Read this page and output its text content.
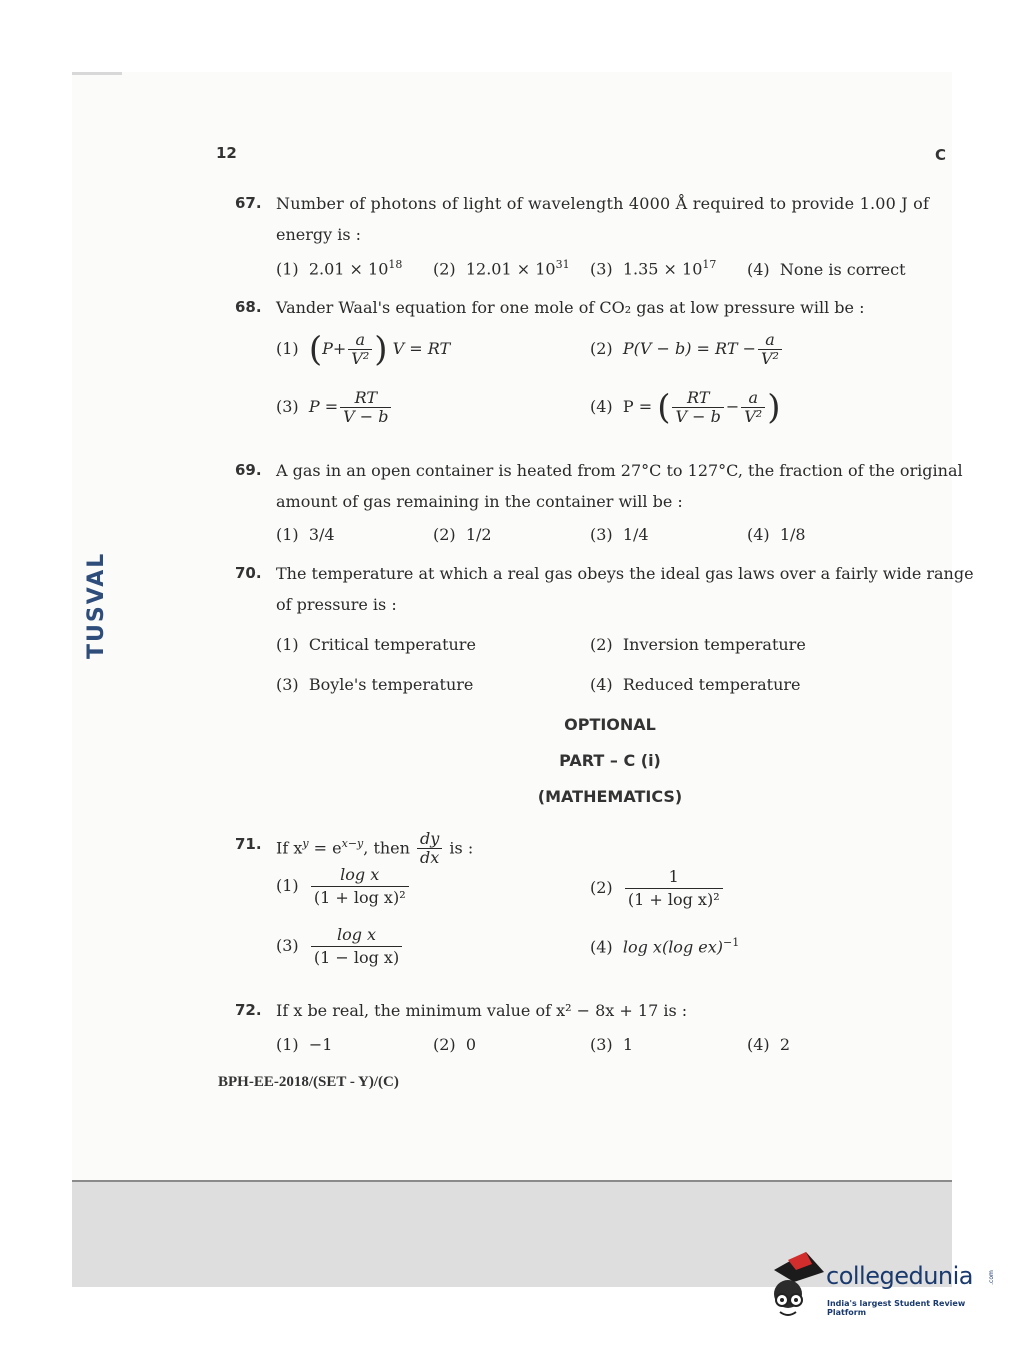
TUSVAL
12	C
67. Number of photons of light of wavelength 4000 Å required to provide 1.00 J of
energy is :
(1) $2.01 \times 10^{18}$ (2) $12.01 \times 10^{31}$ (3) $1.35 \times 10^{17}$ (4) None is correct
68. Vander Waal's equation for one mole of CO₂ gas at low pressure will be :
(1) ($P+ \frac{a}{\text{V²}}$ ) V = RT	(2) P(V − b) = RT − $\frac{a}{\text{V²}}$
(3) $P = \frac{RT}{V - b}$	(4) P = ( $\frac{RT}{V - b} - \frac{a}{\text{V²}}$ )
69. A gas in an open container is heated from 27°C to 127°C, the fraction of the original
amount of gas remaining in the container will be :
(1) 3/4	(2) 1/2	(3) 1/4	(4) 1/8
70. The temperature at which a real gas obeys the ideal gas laws over a fairly wide range
of pressure is :
(1) Critical temperature	(2) Inversion temperature
(3) Boyle's temperature	(4) Reduced temperature
OPTIONAL
PART – C (i)
(MATHEMATICS)
71. If $x^y = e^{x-y}$, then $\frac{dy}{dx}$ is :
$(1) \frac{\text{log x}}{\text{(1 + log x)²}}$	$(2) \frac{1}{\text{(1 + log x)²}}$
$(3) \frac{\text{log x}}{\text{(1 − log x)}}$	(4) log x(log ex)$^{-1}$
72. If x be real, the minimum value of x² − 8x + 17 is :
(1) −1	(2) 0	(3) 1	(4) 2
BPH-EE-2018/(SET - Y)/(C)
collegedunia .com
India's largest Student Review Platform
